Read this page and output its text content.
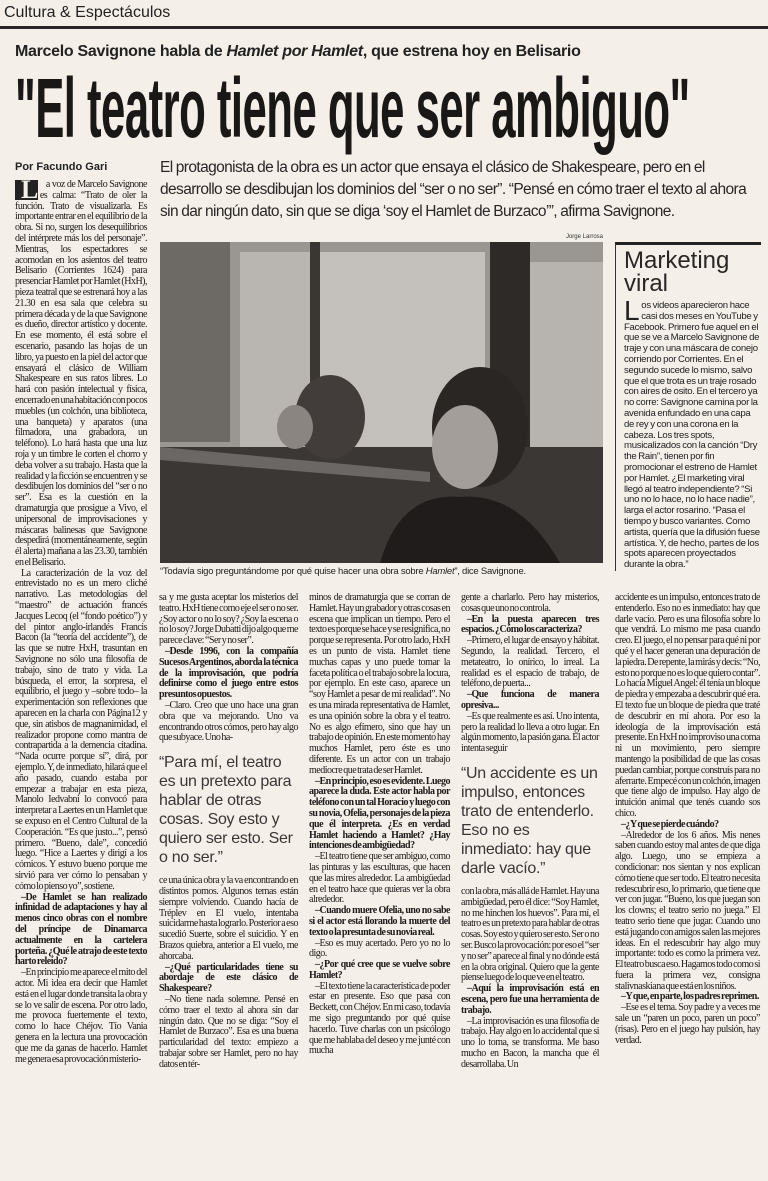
Cultura & Espectáculos
Marcelo Savignone habla de Hamlet por Hamlet, que estrena hoy en Belisario
"El teatro tiene que ser ambiguo"
Por Facundo Gari	El protagonista de la obra es un actor que ensaya el clásico de Shakespeare, pero en el desarrollo se desdibujan los dominios del “ser o no ser”. “Pensé en cómo traer el texto al ahora sin dar ningún dato, sin que se diga ‘soy el Hamlet de Burzaco’”, afirma Savignone.
Jorge Larrosa
“Todavía sigo preguntándome por qué quise hacer una obra sobre Hamlet”, dice Savignone.
Marketing viral
Los videos aparecieron hace casi dos meses en YouTube y Facebook. Primero fue aquel en el que se ve a Marcelo Savignone de traje y con una máscara de conejo corriendo por Corrientes. En el segundo sucede lo mismo, salvo que el que trota es un traje rosado con aires de osito. En el tercero ya no corre: Savignone camina por la avenida enfundado en una capa de rey y con una corona en la cabeza. Los tres spots, musicalizados con la canción “Dry the Rain”, tienen por fin promocionar el estreno de Hamlet por Hamlet. ¿El marketing viral llegó al teatro independiente? “Si uno no lo hace, no lo hace nadie”, larga el actor rosarino. “Pasa el tiempo y busco variantes. Como artista, quería que la difusión fuese artística. Y, de hecho, partes de los spots aparecen proyectados durante la obra.”

La voz de Marcelo Savignone es calma: “Trato de oler la función. Trato de visualizarla. Es importante entrar en el equilibrio de la obra. Si no, surgen los desequilibrios del intérprete más los del personaje”. Mientras, los espectadores se acomodan en los asientos del teatro Belisario (Corrientes 1624) para presenciar Hamlet por Hamlet (HxH), pieza teatral que se estrenará hoy a las 21.30 en esa sala que celebra su primera década y de la que Savignone es dueño, director artístico y docente. En ese momento, él está sobre el escenario, pasando las hojas de un libro, ya puesto en la piel del actor que ensayará el clásico de William Shakespeare en sus ratos libres. Lo hará con pasión intelectual y física, encerrado en una habitación con pocos muebles (un colchón, una biblioteca, una banqueta) y aparatos (una filmadora, una grabadora, un teléfono). Lo hará hasta que una luz roja y un timbre le corten el chorro y deba volver a su trabajo. Hasta que la realidad y la ficción se encuentren y se desdibujen los dominios del “ser o no ser”. Esa es la cuestión en la dramaturgia que prosigue a Vivo, el unipersonal de improvisaciones y máscaras balinesas que Savignone despedirá (momentáneamente, según él alerta) mañana a las 23.30, también en el Belisario.

La caracterización de la voz del entrevistado no es un mero cliché narrativo. Las metodologías del “maestro” de actuación francés Jacques Lecoq (el “fondo poético”) y del pintor anglo-irlandés Francis Bacon (la “teoría del accidente”), de las que se nutre HxH, trasuntan en Savignone no sólo una filosofía de trabajo, sino de trato y vida. La búsqueda, el error, la sorpresa, el equilibrio, el juego y –sobre todo– la experimentación son reflexiones que aparecen en la charla con Página12 y que, sin atisbos de magnanimidad, el realizador propone como mantra de contrapartida a la demencia citadina. “Nada ocurre porque sí”, dirá, por ejemplo. Y, de inmediato, hilará que el año pasado, cuando estaba por empezar a trabajar en esta pieza, Manolo Iedvabni lo convocó para interpretar a Laertes en un Hamlet que se expuso en el Centro Cultural de la Cooperación. “Es que justo...”, pensó primero. “Bueno, dale”, concedió luego. “Hice a Laertes y dirigí a los cómicos. Y estuvo bueno porque me sirvió para ver cómo lo pensaban y cómo lo pienso yo”, sostiene.

–De Hamlet se han realizado infinidad de adaptaciones y hay al menos cinco obras con el nombre del príncipe de Dinamarca actualmente en la cartelera porteña. ¿Qué le atrajo de este texto harto releído?

–En principio me aparece el mito del actor. Mi idea era decir que Hamlet está en el lugar donde transita la obra y se lo ve salir de escena. Por otro lado, me provoca fuertemente el texto, como lo hace Chéjov. Tío Vania genera en la lectura una provocación que me da ganas de hacerlo. Hamlet me genera esa provocación misterio-

sa y me gusta aceptar los misterios del teatro. HxH tiene como eje el ser o no ser. ¿Soy actor o no lo soy? ¿Soy la escena o no lo soy? Jorge Dubatti dijo algo que me parece clave: “Ser y no ser”.

–Desde 1996, con la compañía Sucesos Argentinos, aborda la técnica de la improvisación, que podría definirse como el juego entre estos presuntos opuestos.

–Claro. Creo que uno hace una gran obra que va mejorando. Uno va encontrando otros cómos, pero hay algo que subyace. Uno ha-

“Para mí, el teatro es un pretexto para hablar de otras cosas. Soy esto y quiero ser esto. Ser o no ser.”

ce una única obra y la va encontrando en distintos pomos. Algunos temas están siempre volviendo. Cuando hacía de Tréplev en El vuelo, intentaba suicidarme hasta lograrlo. Posterior a eso sucedió Suerte, sobre el suicidio. Y en Brazos quiebra, anterior a El vuelo, me ahorcaba.

–¿Qué particularidades tiene su abordaje de este clásico de Shakespeare?

–No tiene nada solemne. Pensé en cómo traer el texto al ahora sin dar ningún dato. Que no se diga: “Soy el Hamlet de Burzaco”. Esa es una buena particularidad del texto: empiezo a trabajar sobre ser Hamlet, pero no hay datos en tér-

minos de dramaturgia que se corran de Hamlet. Hay un grabador y otras cosas en escena que implican un tiempo. Pero el texto es porque se hace y se resignifica, no porque se representa. Por otro lado, HxH es un punto de vista. Hamlet tiene muchas capas y uno puede tomar la faceta política o el trabajo sobre la locura, por ejemplo. En este caso, aparece un “soy Hamlet a pesar de mi realidad”. No es una mirada representativa de Hamlet, es una opinión sobre la obra y el teatro. No es algo efímero, sino que hay un trabajo de opinión. En este momento hay muchos Hamlet, pero éste es uno diferente. Es un actor con un trabajo mediocre que trata de ser Hamlet.

–En principio, eso es evidente. Luego aparece la duda. Este actor habla por teléfono con un tal Horacio y luego con su novia, Ofelia, personajes de la pieza que él interpreta. ¿Es en verdad Hamlet haciendo a Hamlet? ¿Hay intenciones de ambigüedad?

–El teatro tiene que ser ambiguo, como las pinturas y las esculturas, que hacen que las mires alrededor. La ambigüedad en el teatro hace que quieras ver la obra alrededor.

–Cuando muere Ofelia, uno no sabe si el actor está llorando la muerte del texto o la presunta de su novia real.

–Eso es muy acertado. Pero yo no lo digo.

–¿Por qué cree que se vuelve sobre Hamlet?

–El texto tiene la característica de poder estar en presente. Eso que pasa con Beckett, con Chéjov. En mi caso, todavía me sigo preguntando por qué quise hacerlo. Tuve charlas con un psicólogo que me hablaba del deseo y me junté con mucha

gente a charlarlo. Pero hay misterios, cosas que uno no controla.

–En la puesta aparecen tres espacios. ¿Cómo los caracteriza?

–Primero, el lugar de ensayo y hábitat. Segundo, la realidad. Tercero, el metateatro, lo onírico, lo irreal. La realidad es el espacio de trabajo, de teléfono, de puerta...

–Que funciona de manera opresiva...

–Es que realmente es así. Uno intenta, pero la realidad lo lleva a otro lugar. En algún momento, la pasión gana. El actor intenta seguir

“Un accidente es un impulso, entonces trato de entenderlo. Eso no es inmediato: hay que darle vacío.”

con la obra, más allá de Hamlet. Hay una ambigüedad, pero él dice: “Soy Hamlet, no me hinchen los huevos”. Para mí, el teatro es un pretexto para hablar de otras cosas. Soy esto y quiero ser esto. Ser o no ser. Busco la provocación: por eso el “ser y no ser” aparece al final y no dónde está en la obra original. Quiero que la gente piense luego de lo que ve en el teatro.

–Aquí la improvisación está en escena, pero fue una herramienta de trabajo.

–La improvisación es una filosofía de trabajo. Hay algo en lo accidental que si uno lo toma, se transforma. Me baso mucho en Bacon, la mancha que él desarrollaba. Un

accidente es un impulso, entonces trato de entenderlo. Eso no es inmediato: hay que darle vacío. Pero es una filosofía sobre lo que vendrá. Lo mismo me pasa cuando creo. El juego, el no pensar para qué ni por qué y el hacer generan una depuración de la piedra. De repente, la mirás y decís: “No, esto no porque no es lo que quiero contar”. Lo hacía Miguel Angel: él tenía un bloque de piedra y empezaba a descubrir qué era. El texto fue un bloque de piedra que traté de descubrir en mí ahora. Por eso la ideología de la improvisación está presente. En HxH no improviso una coma ni un movimiento, pero siempre mantengo la posibilidad de que las cosas puedan cambiar, porque construís para no aferrarte. Empecé con un colchón, imagen que tiene algo de impulso. Hay algo de intuición animal que tenés cuando sos chico.

–¿Y que se pierde cuándo?

–Alrededor de los 6 años. Mis nenes saben cuando estoy mal antes de que diga algo. Luego, uno se empieza a condicionar: nos sientan y nos explican cómo tiene que ser todo. El teatro necesita redescubrir eso, lo primario, que tiene que ver con jugar. “Bueno, los que juegan son los clowns; el teatro serio no juega.” El teatro serio tiene que jugar. Cuando uno está jugando con amigos salen las mejores ideas. En el redescubrir hay algo muy importante: todo es como la primera vez. El teatro busca eso. Hagamos todo como si fuera la primera vez, consigna stalivnaskiana que está en los niños.

–Y que, en parte, los padres reprimen.

–Ese es el tema. Soy padre y a veces me sale un “paren un poco, paren un poco” (risas). Pero en el juego hay pulsión, hay verdad.
